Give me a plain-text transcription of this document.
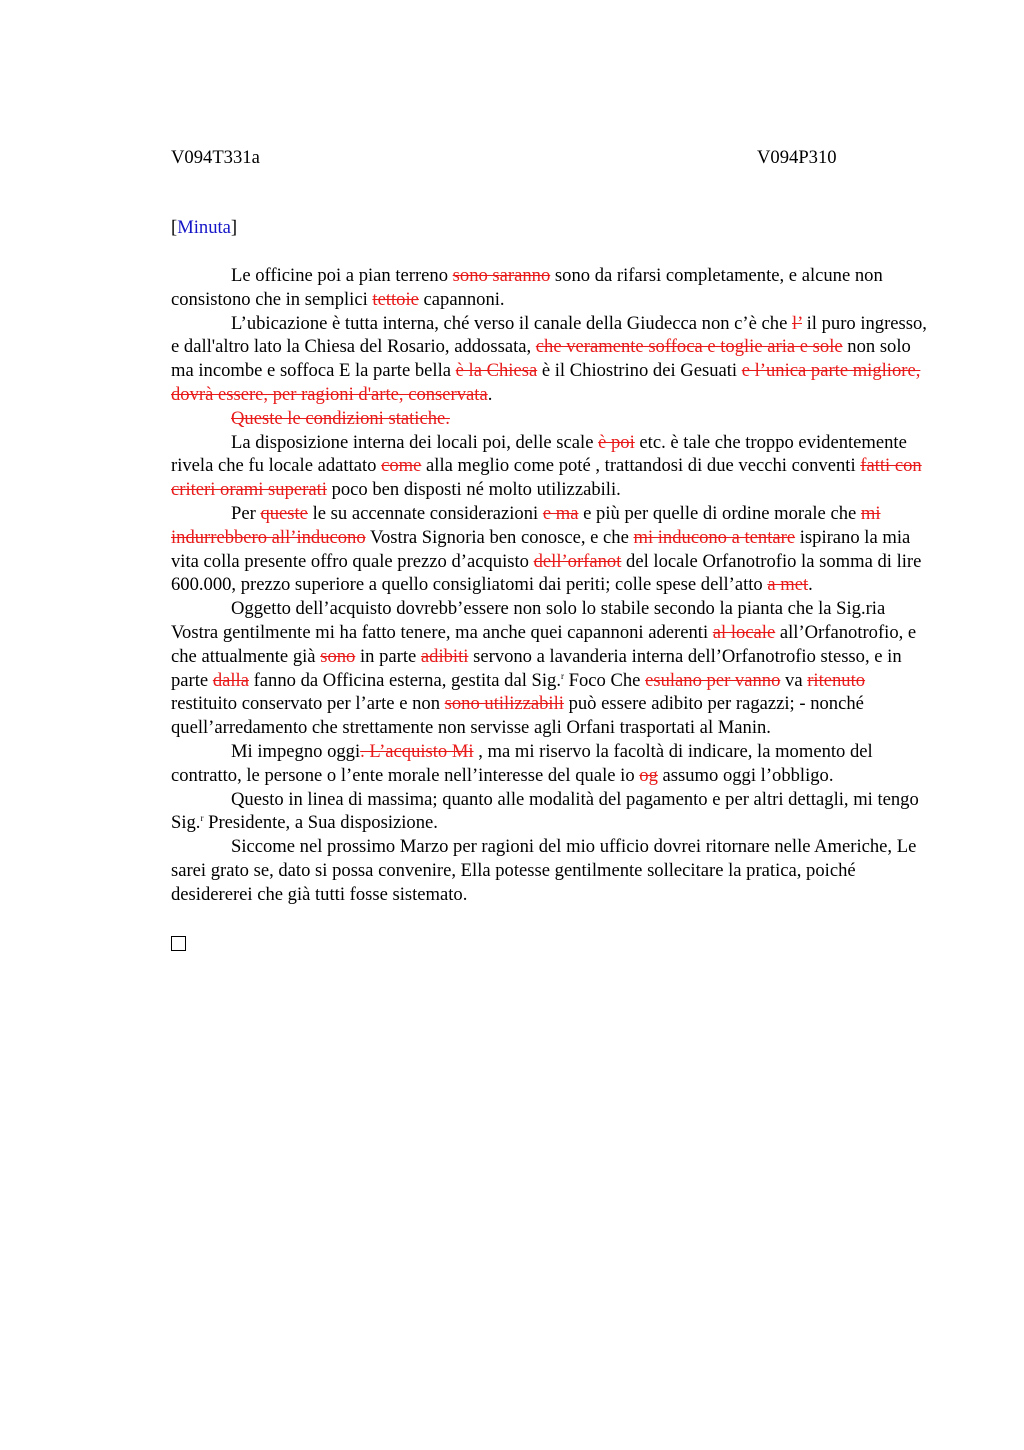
V094T331a	V094P310
[Minuta]

Le officine poi a pian terreno sono saranno sono da rifarsi completamente, e alcune non consistono che in semplici tettoie capannoni.

L’ubicazione è tutta interna, ché verso il canale della Giudecca non c’è che l’ il puro ingresso, e dall'altro lato la Chiesa del Rosario, addossata, che veramente soffoca e toglie aria e sole non solo ma incombe e soffoca E la parte bella è la Chiesa è il Chiostrino dei Gesuati e l’unica parte migliore, dovrà essere, per ragioni d'arte, conservata.

Queste le condizioni statiche.

La disposizione interna dei locali poi, delle scale è poi etc. è tale che troppo evidentemente rivela che fu locale adattato come alla meglio come poté , trattandosi di due vecchi conventi fatti con criteri orami superati poco ben disposti né molto utilizzabili.

Per queste le su accennate considerazioni e ma e più per quelle di ordine morale che mi indurrebbero all’inducono Vostra Signoria ben conosce, e che mi inducono a tentare ispirano la mia vita colla presente offro quale prezzo d’acquisto dell’orfanot del locale Orfanotrofio la somma di lire 600.000, prezzo superiore a quello consigliatomi dai periti; colle spese dell’atto a met.

Oggetto dell’acquisto dovrebb’essere non solo lo stabile secondo la pianta che la Sig.ria Vostra gentilmente mi ha fatto tenere, ma anche quei capannoni aderenti al locale all’Orfanotrofio, e che attualmente già sono in parte adibiti servono a lavanderia interna dell’Orfanotrofio stesso, e in parte dalla fanno da Officina esterna, gestita dal Sig.$^r$ Foco Che esulano per vanno va ritenuto restituito conservato per l’arte e non sono utilizzabili può essere adibito per ragazzi; - nonché quell’arredamento che strettamente non servisse agli Orfani trasportati al Manin.

Mi impegno oggi. L’acquisto Mi , ma mi riservo la facoltà di indicare, la momento del contratto, le persone o l’ente morale nell’interesse del quale io og assumo oggi l’obbligo.

Questo in linea di massima; quanto alle modalità del pagamento e per altri dettagli, mi tengo Sig.$^r$ Presidente, a Sua disposizione.

Siccome nel prossimo Marzo per ragioni del mio ufficio dovrei ritornare nelle Americhe, Le sarei grato se, dato si possa convenire, Ella potesse gentilmente sollecitare la pratica, poiché desidererei che già tutti fosse sistemato.
